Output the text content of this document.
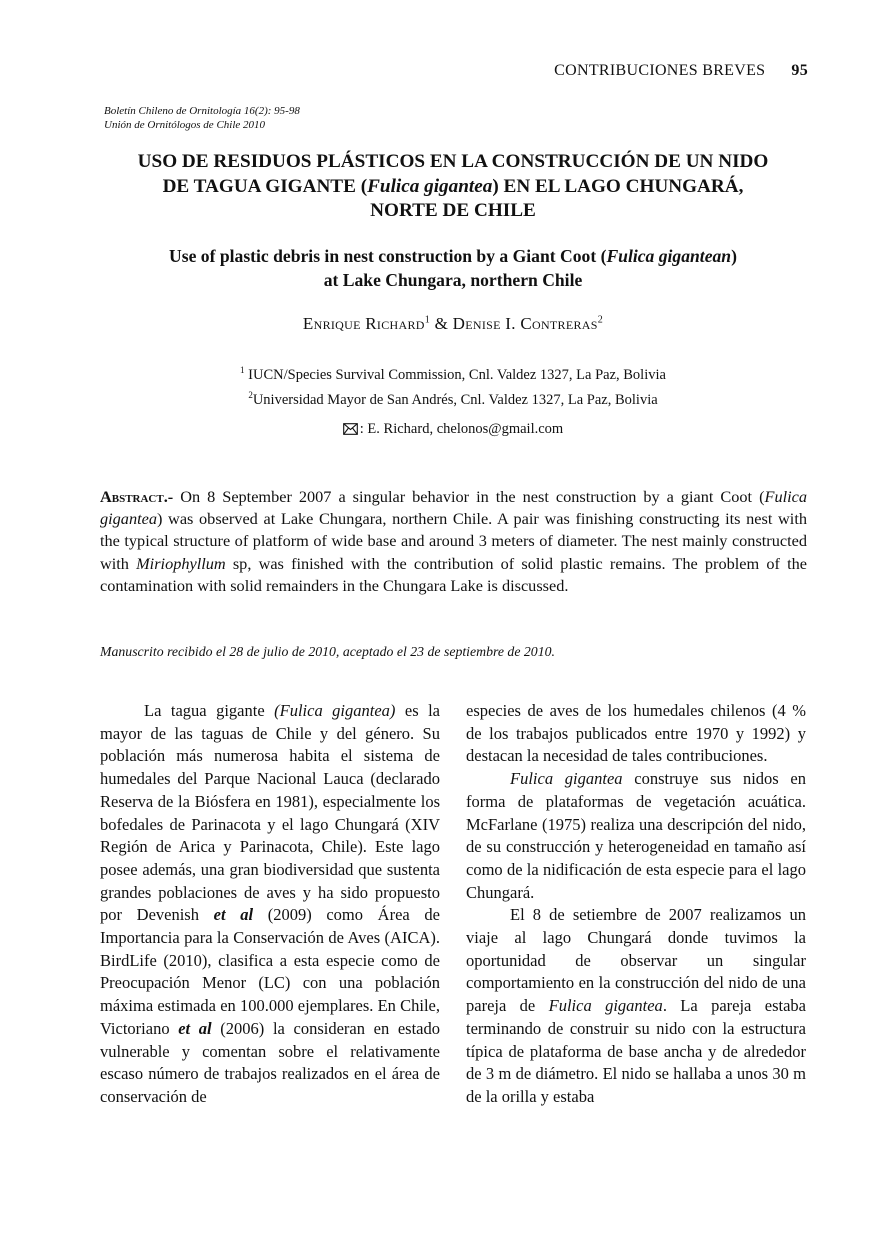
CONTRIBUCIONES BREVES 95
Boletín Chileno de Ornitología 16(2): 95-98
Unión de Ornitólogos de Chile 2010
USO DE RESIDUOS PLÁSTICOS EN LA CONSTRUCCIÓN DE UN NIDO
DE TAGUA GIGANTE (Fulica gigantea) EN EL LAGO CHUNGARÁ,
NORTE DE CHILE
Use of plastic debris in nest construction by a Giant Coot (Fulica gigantean)
at Lake Chungara, northern Chile
Enrique Richard$^1$ & Denise I. Contreras$^2$
$^1$ IUCN/Species Survival Commission, Cnl. Valdez 1327, La Paz, Bolivia
$^2$Universidad Mayor de San Andrés, Cnl. Valdez 1327, La Paz, Bolivia
: E. Richard, chelonos@gmail.com
Abstract.- On 8 September 2007 a singular behavior in the nest construction by a giant Coot (Fulica gigantea) was observed at Lake Chungara, northern Chile. A pair was finishing constructing its nest with the typical structure of platform of wide base and around 3 meters of diameter. The nest mainly constructed with Miriophyllum sp, was finished with the contribution of solid plastic remains. The problem of the contamination with solid remainders in the Chungara Lake is discussed.
Manuscrito recibido el 28 de julio de 2010, aceptado el 23 de septiembre de 2010.

La tagua gigante (Fulica gigantea) es la mayor de las taguas de Chile y del género. Su población más numerosa habita el sistema de humedales del Parque Nacional Lauca (declarado Reserva de la Biósfera en 1981), especialmente los bofedales de Parinacota y el lago Chungará (XIV Región de Arica y Parinacota, Chile). Este lago posee además, una gran biodiversidad que sustenta grandes poblaciones de aves y ha sido propuesto por Devenish et al (2009) como Área de Importancia para la Conservación de Aves (AICA). BirdLife (2010), clasifica a esta especie como de Preocupación Menor (LC) con una población máxima estimada en 100.000 ejemplares. En Chile, Victoriano et al (2006) la consideran en estado vulnerable y comentan sobre el relativamente escaso número de trabajos realizados en el área de conservación de

especies de aves de los humedales chilenos (4 % de los trabajos publicados entre 1970 y 1992) y destacan la necesidad de tales contribuciones.

Fulica gigantea construye sus nidos en forma de plataformas de vegetación acuática. McFarlane (1975) realiza una descripción del nido, de su construcción y heterogeneidad en tamaño así como de la nidificación de esta especie para el lago Chungará.

El 8 de setiembre de 2007 realizamos un viaje al lago Chungará donde tuvimos la oportunidad de observar un singular comportamiento en la construcción del nido de una pareja de Fulica gigantea. La pareja estaba terminando de construir su nido con la estructura típica de plataforma de base ancha y de alrededor de 3 m de diámetro. El nido se hallaba a unos 30 m de la orilla y estaba
